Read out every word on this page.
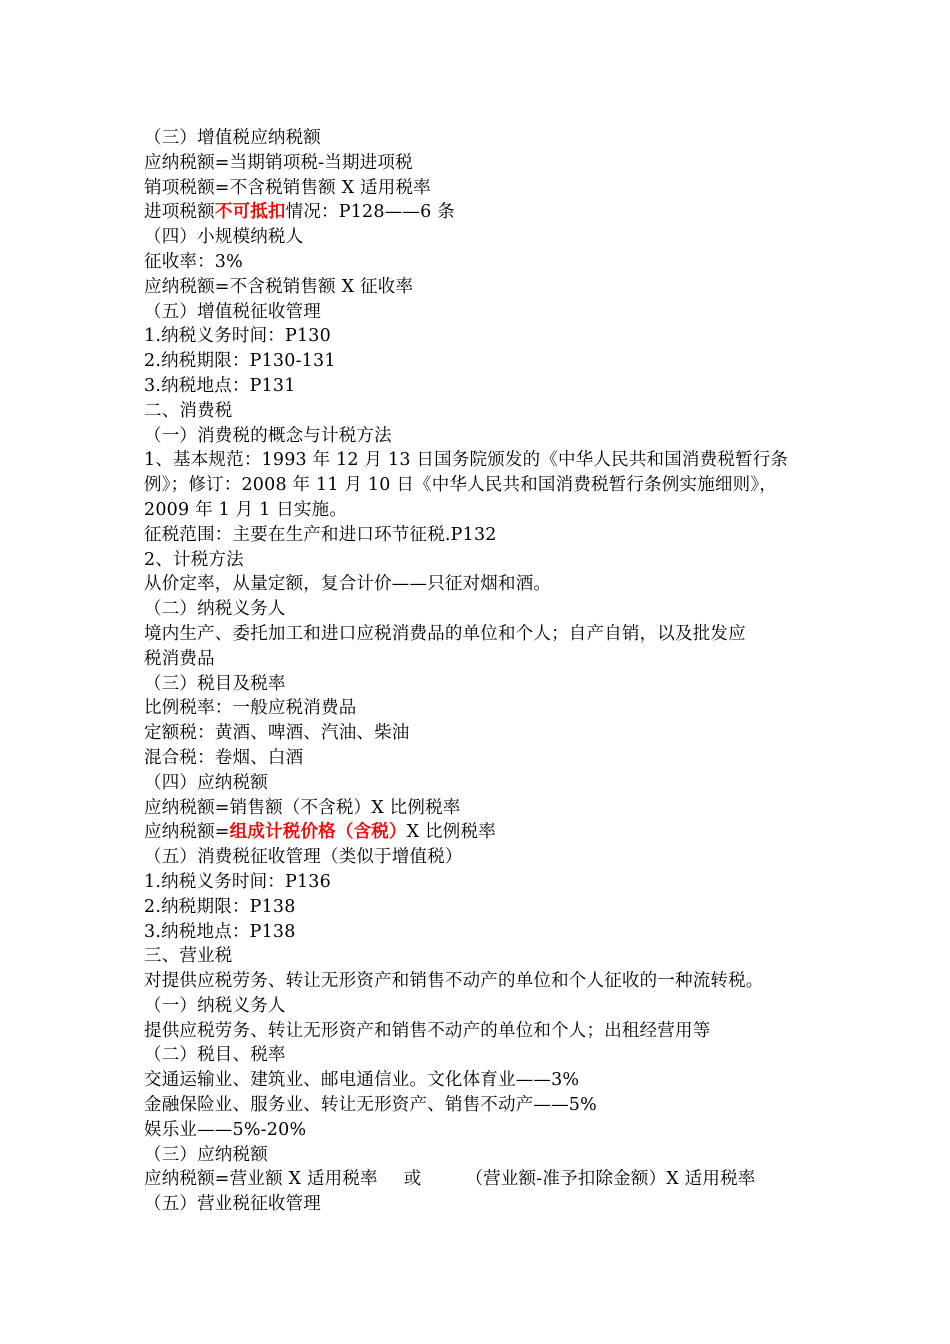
（三）增值税应纳税额
应纳税额=当期销项税-当期进项税
销项税额=不含税销售额 X 适用税率
进项税额不可抵扣情况：P128——6 条
（四）小规模纳税人
征收率：3%
应纳税额=不含税销售额 X 征收率
（五）增值税征收管理
1.纳税义务时间：P130
2.纳税期限：P130-131
3.纳税地点：P131
二、消费税
（一）消费税的概念与计税方法
1、基本规范：1993 年 12 月 13 日国务院颁发的《中华人民共和国消费税暂行条
例》；修订：2008 年 11 月 10 日《中华人民共和国消费税暂行条例实施细则》，
2009 年 1 月 1 日实施。
征税范围：主要在生产和进口环节征税.P132
2、计税方法
从价定率，从量定额，复合计价——只征对烟和酒。
（二）纳税义务人
境内生产、委托加工和进口应税消费品的单位和个人；自产自销，以及批发应
税消费品
（三）税目及税率
比例税率：一般应税消费品
定额税：黄酒、啤酒、汽油、柴油
混合税：卷烟、白酒
（四）应纳税额
应纳税额=销售额（不含税）X 比例税率
应纳税额=组成计税价格（含税）X 比例税率
（五）消费税征收管理（类似于增值税）
1.纳税义务时间：P136
2.纳税期限：P138
3.纳税地点：P138
三、营业税
对提供应税劳务、转让无形资产和销售不动产的单位和个人征收的一种流转税。
（一）纳税义务人
提供应税劳务、转让无形资产和销售不动产的单位和个人；出租经营用等
（二）税目、税率
交通运输业、建筑业、邮电通信业。文化体育业——3%
金融保险业、服务业、转让无形资产、销售不动产——5%
娱乐业——5%-20%
（三）应纳税额
应纳税额=营业额 X 适用税率 或	（营业额-准予扣除金额）X 适用税率
（五）营业税征收管理
